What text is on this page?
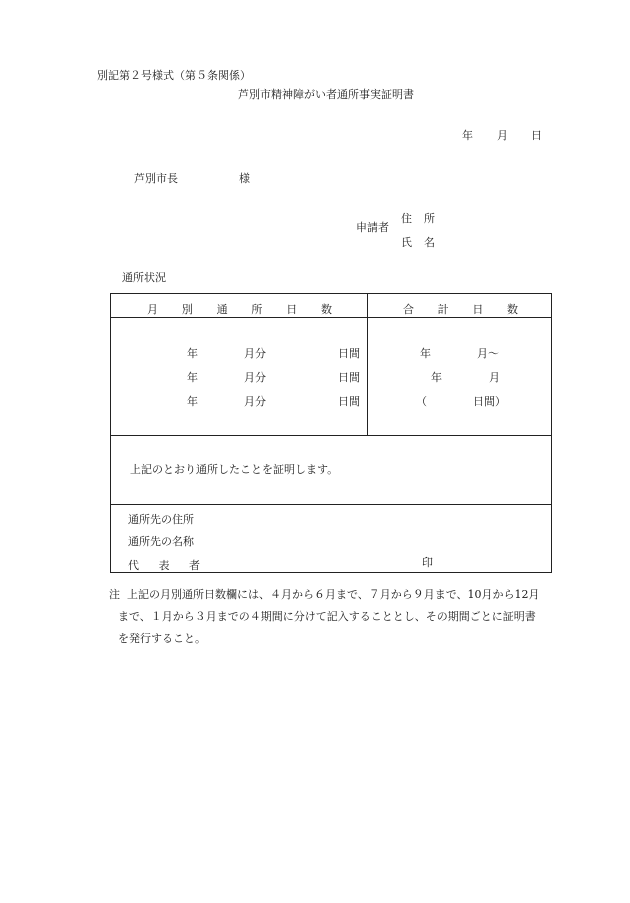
別記第２号様式（第５条関係）
芦別市精神障がい者通所事実証明書
年 月 日
芦別市長	様
申請者
住 所
氏 名
通所状況
月 別 通 所 日 数	合 計 日 数
年	月分	日間
年	月分	日間
年	月分	日間
年	月〜
年	月
（	日間）
上記のとおり通所したことを証明します。
通所先の住所
通所先の名称
代 表 者	印
注 上記の月別通所日数欄には、４月から６月まで、７月から９月まで、10月から12月
まで、１月から３月までの４期間に分けて記入することとし、その期間ごとに証明書
を発行すること。
